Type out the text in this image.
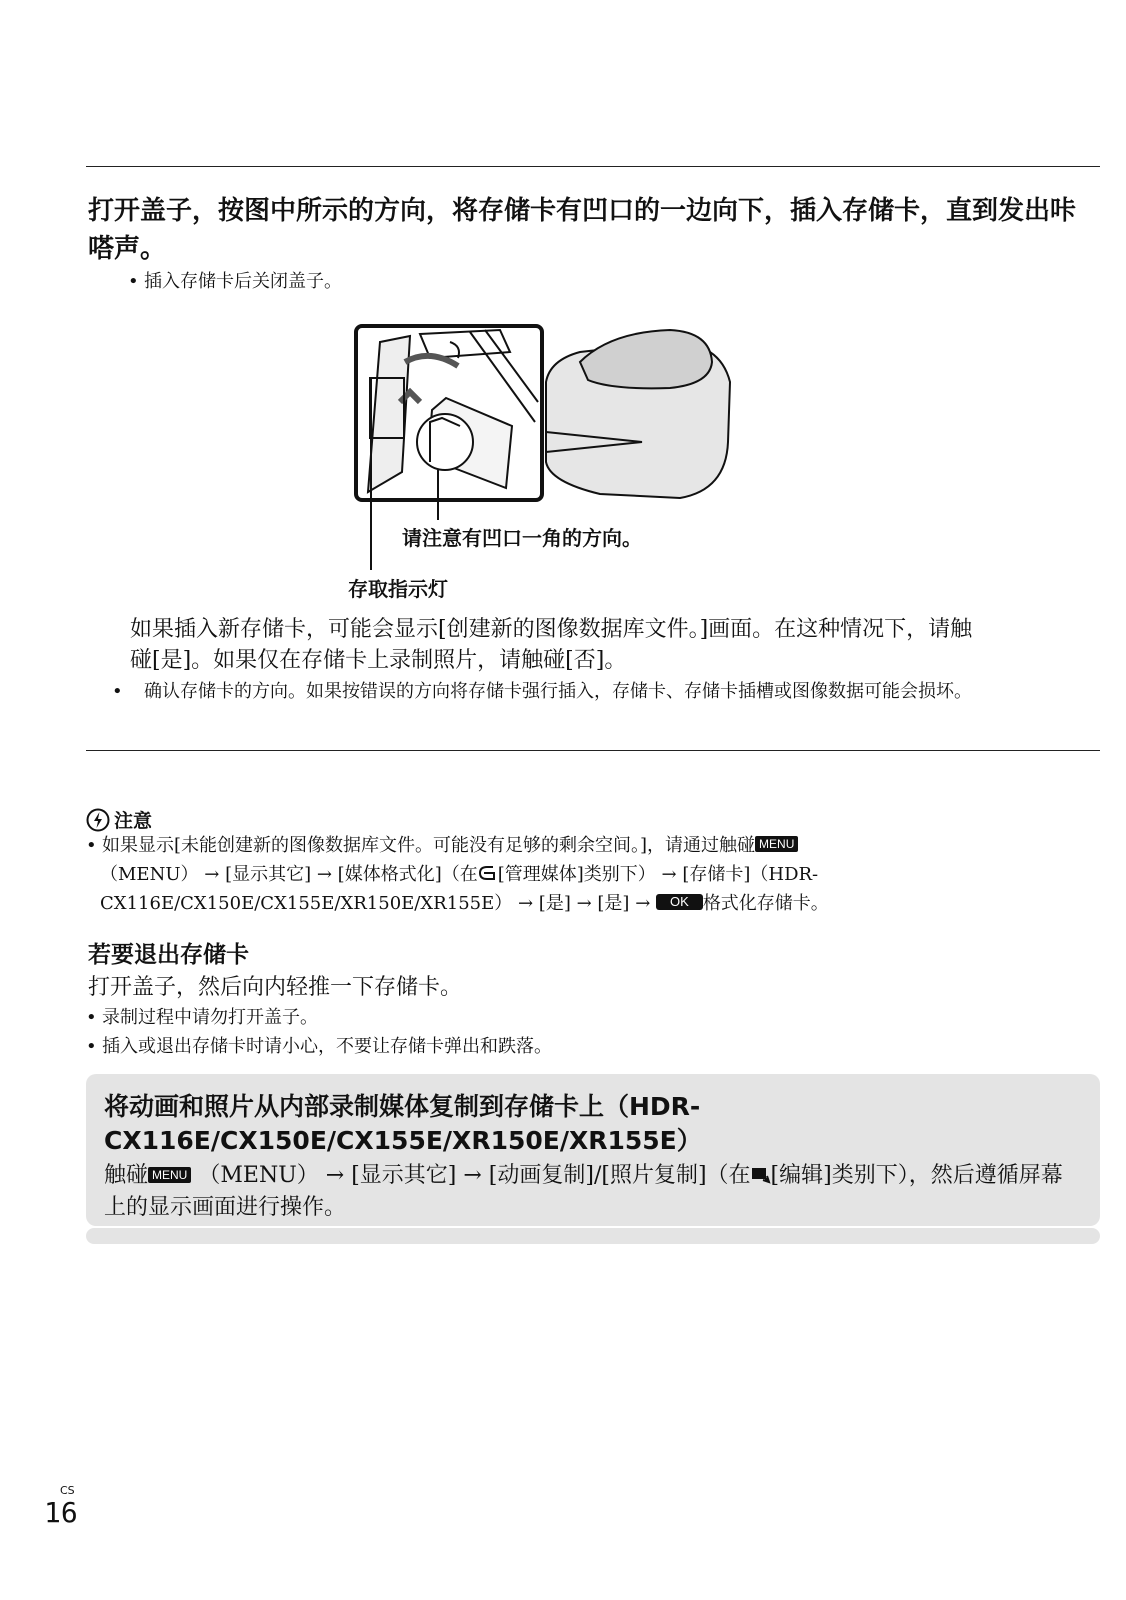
打开盖子，按图中所示的方向，将存储卡有凹口的一边向下，插入存储卡，直到发出咔嗒声。
• 插入存储卡后关闭盖子。
请注意有凹口一角的方向。
存取指示灯
如果插入新存储卡，可能会显示[创建新的图像数据库文件。]画面。在这种情况下，请触碰[是]。如果仅在存储卡上录制照片，请触碰[否]。
• 确认存储卡的方向。如果按错误的方向将存储卡强行插入，存储卡、存储卡插槽或图像数据可能会损坏。
注意
• 如果显示[未能创建新的图像数据库文件。可能没有足够的剩余空间。]，请通过触碰 MENU
（MENU） → [显示其它] → [媒体格式化]（在 [管理媒体]类别下） → [存储卡]（HDR-
CX116E/CX150E/CX155E/XR150E/XR155E） → [是] → [是] → OK 格式化存储卡。
若要退出存储卡
打开盖子，然后向内轻推一下存储卡。
• 录制过程中请勿打开盖子。
• 插入或退出存储卡时请小心，不要让存储卡弹出和跌落。
将动画和照片从内部录制媒体复制到存储卡上（HDR-CX116E/CX150E/CX155E/XR150E/XR155E）
触碰 MENU （MENU） → [显示其它] → [动画复制]/[照片复制]（在 [编辑]类别下），然后遵循屏幕上的显示画面进行操作。
CS
16
